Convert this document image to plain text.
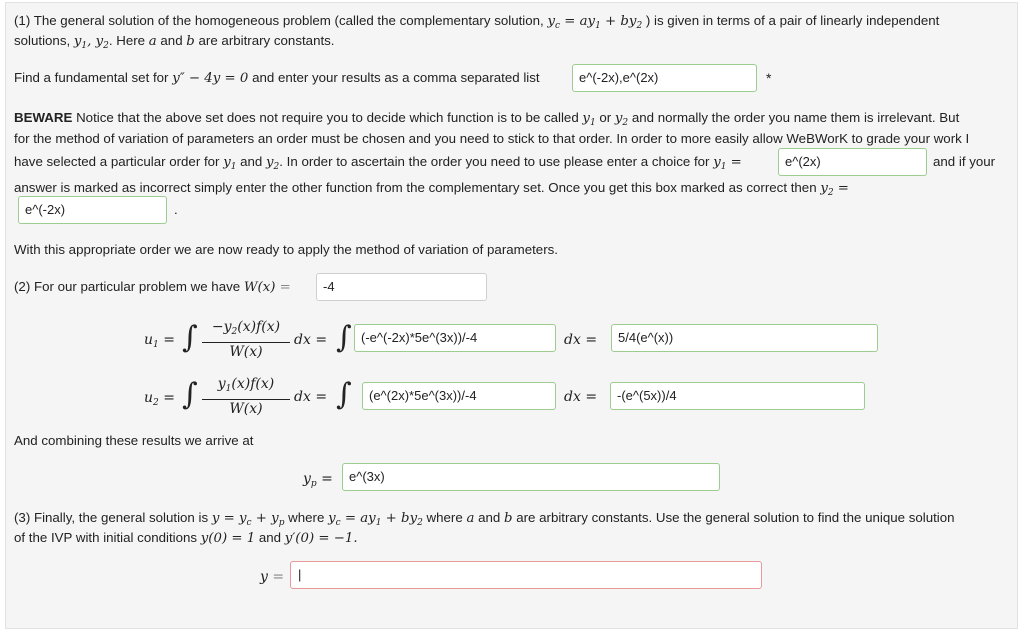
(1) The general solution of the homogeneous problem (called the complementary solution, $y_c = ay_1 + by_2$ ) is given in terms of a pair of linearly independent
solutions, $y_1$, $y_2$. Here a and b are arbitrary constants.
Find a fundamental set for y″ − 4y = 0 and enter your results as a comma separated list	e^(-2x),e^(2x)	*
BEWARE Notice that the above set does not require you to decide which function is to be called $y_1$ or $y_2$ and normally the order you name them is irrelevant. But
for the method of variation of parameters an order must be chosen and you need to stick to that order. In order to more easily allow WeBWorK to grade your work I
have selected a particular order for $y_1$ and $y_2$. In order to ascertain the order you need to use please enter a choice for $y_1$ =	e^(2x)	and if your
answer is marked as incorrect simply enter the other function from the complementary set. Once you get this box marked as correct then $y_2$ =
e^(-2x)	.
With this appropriate order we are now ready to apply the method of variation of parameters.
(2) For our particular problem we have W(x) =	-4
$u_1$ = ∫	$-y_2(x)f(x)$
W(x)
dx = ∫ (-e^(-2x)*5e^(3x))/-4	dx =	5/4(e^(x))
$u_2$ = ∫	$y_1(x)f(x)$
W(x)
dx = ∫	(e^(2x)*5e^(3x))/-4	dx =	-(e^(5x))/4
And combining these results we arrive at
$y_p$ =	e^(3x)
(3) Finally, the general solution is $y = y_c + y_p$ where $y_c = ay_1 + by_2$ where a and b are arbitrary constants. Use the general solution to find the unique solution
of the IVP with initial conditions y(0) = 1 and y′(0) = −1.
y =
|
